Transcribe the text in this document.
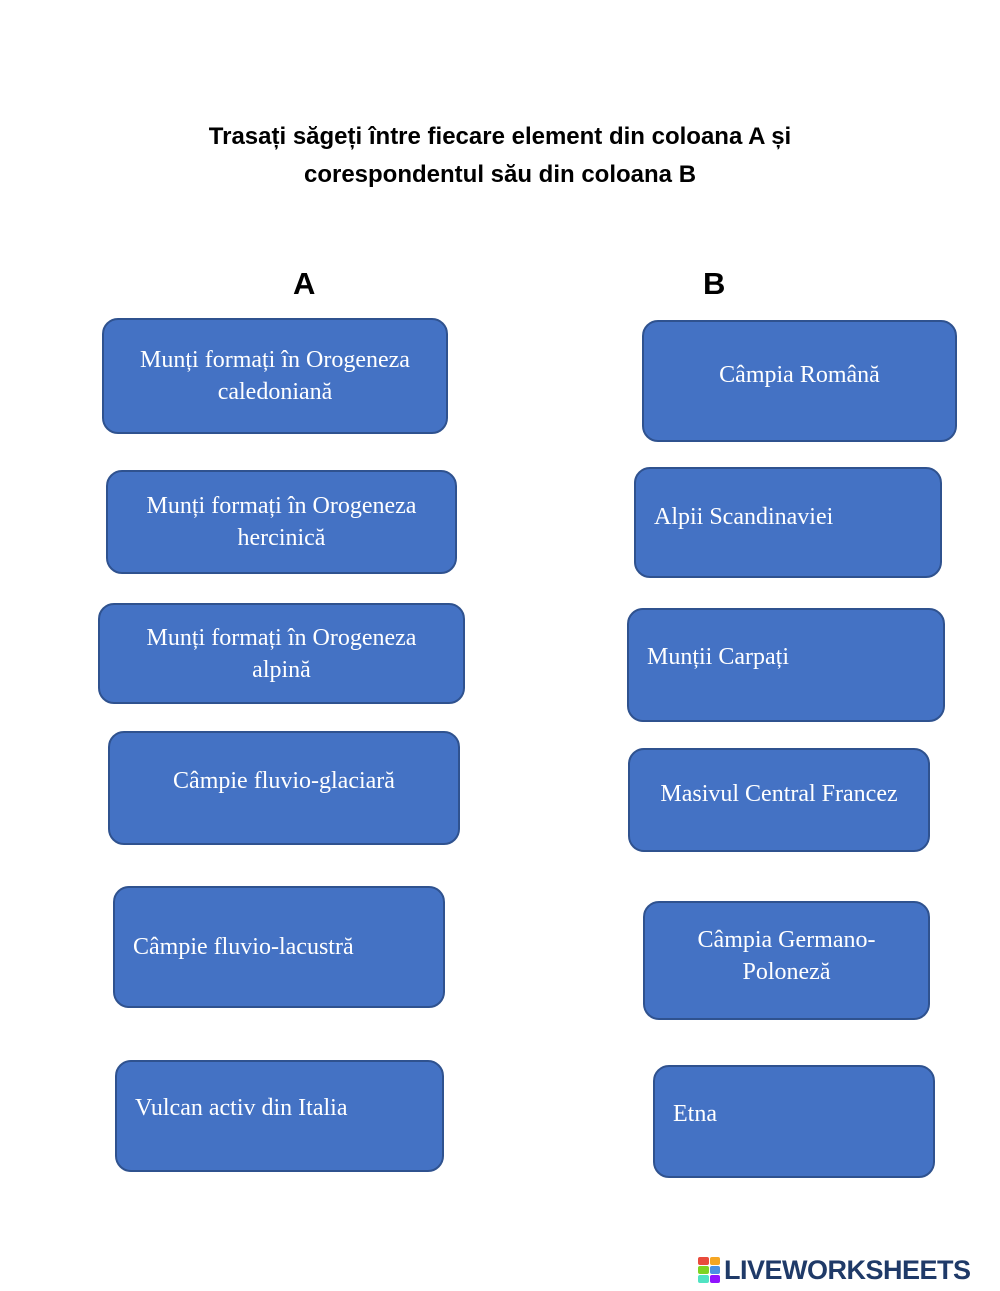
Trasați săgeți între fiecare element din coloana A și
corespondentul său din coloana B
A	B
Munți formați în Orogeneza
caledoniană
Munți formați în Orogeneza
hercinică
Munți formați în Orogeneza
alpină
Câmpie fluvio-glaciară
Câmpie fluvio-lacustră
Vulcan activ din Italia
Câmpia Română
Alpii Scandinaviei
Munții Carpați
Masivul Central Francez
Câmpia Germano-
Poloneză
Etna
LIVEWORKSHEETS
